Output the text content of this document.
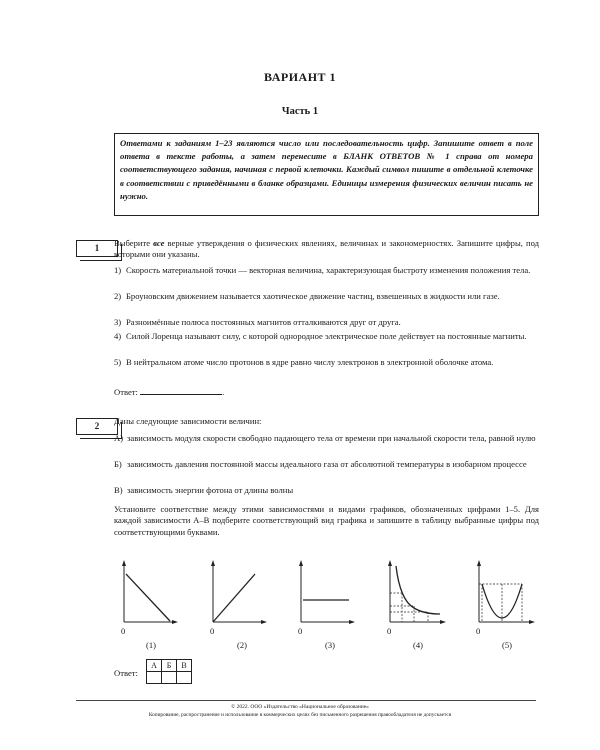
ВАРИАНТ 1
Часть 1
Ответами к заданиям 1–23 являются число или последовательность цифр. Запишите ответ в поле ответа в тексте работы, а затем перенесите в БЛАНК ОТВЕТОВ № 1 справа от номера соответствующего задания, начиная с первой клеточки. Каждый символ пишите в отдельной клеточке в соответствии с приведёнными в бланке образцами. Единицы измерения физических величин писать не нужно.
1	Выберите все верные утверждения о физических явлениях, величинах и закономерностях. Запишите цифры, под которыми они указаны.
1) Скорость материальной точки — векторная величина, характеризующая быстроту изменения положения тела.
2) Броуновским движением называется хаотическое движение частиц, взвешенных в жидкости или газе.
3) Разноимённые полюса постоянных магнитов отталкиваются друг от друга.
4) Силой Лоренца называют силу, с которой однородное электрическое поле действует на постоянные магниты.
5) В нейтральном атоме число протонов в ядре равно числу электронов в электронной оболочке атома.
Ответ:	.
2	Даны следующие зависимости величин:
А) зависимость модуля скорости свободно падающего тела от времени при начальной скорости тела, равной нулю
Б) зависимость давления постоянной массы идеального газа от абсолютной температуры в изобарном процессе
В) зависимость энергии фотона от длины волны
Установите соответствие между этими зависимостями и видами графиков, обозначенных цифрами 1–5. Для каждой зависимости А–В подберите соответствующий вид графика и запишите в таблицу выбранные цифры под соответствующими буквами.
0	0	0	0	0
(1)	(2)	(3)	(4)	(5)
Ответ:
А	Б	В

© 2022. ООО «Издательство «Национальное образование»
Копирование, распространение и использование в коммерческих целях без письменного разрешения правообладателя не допускается
